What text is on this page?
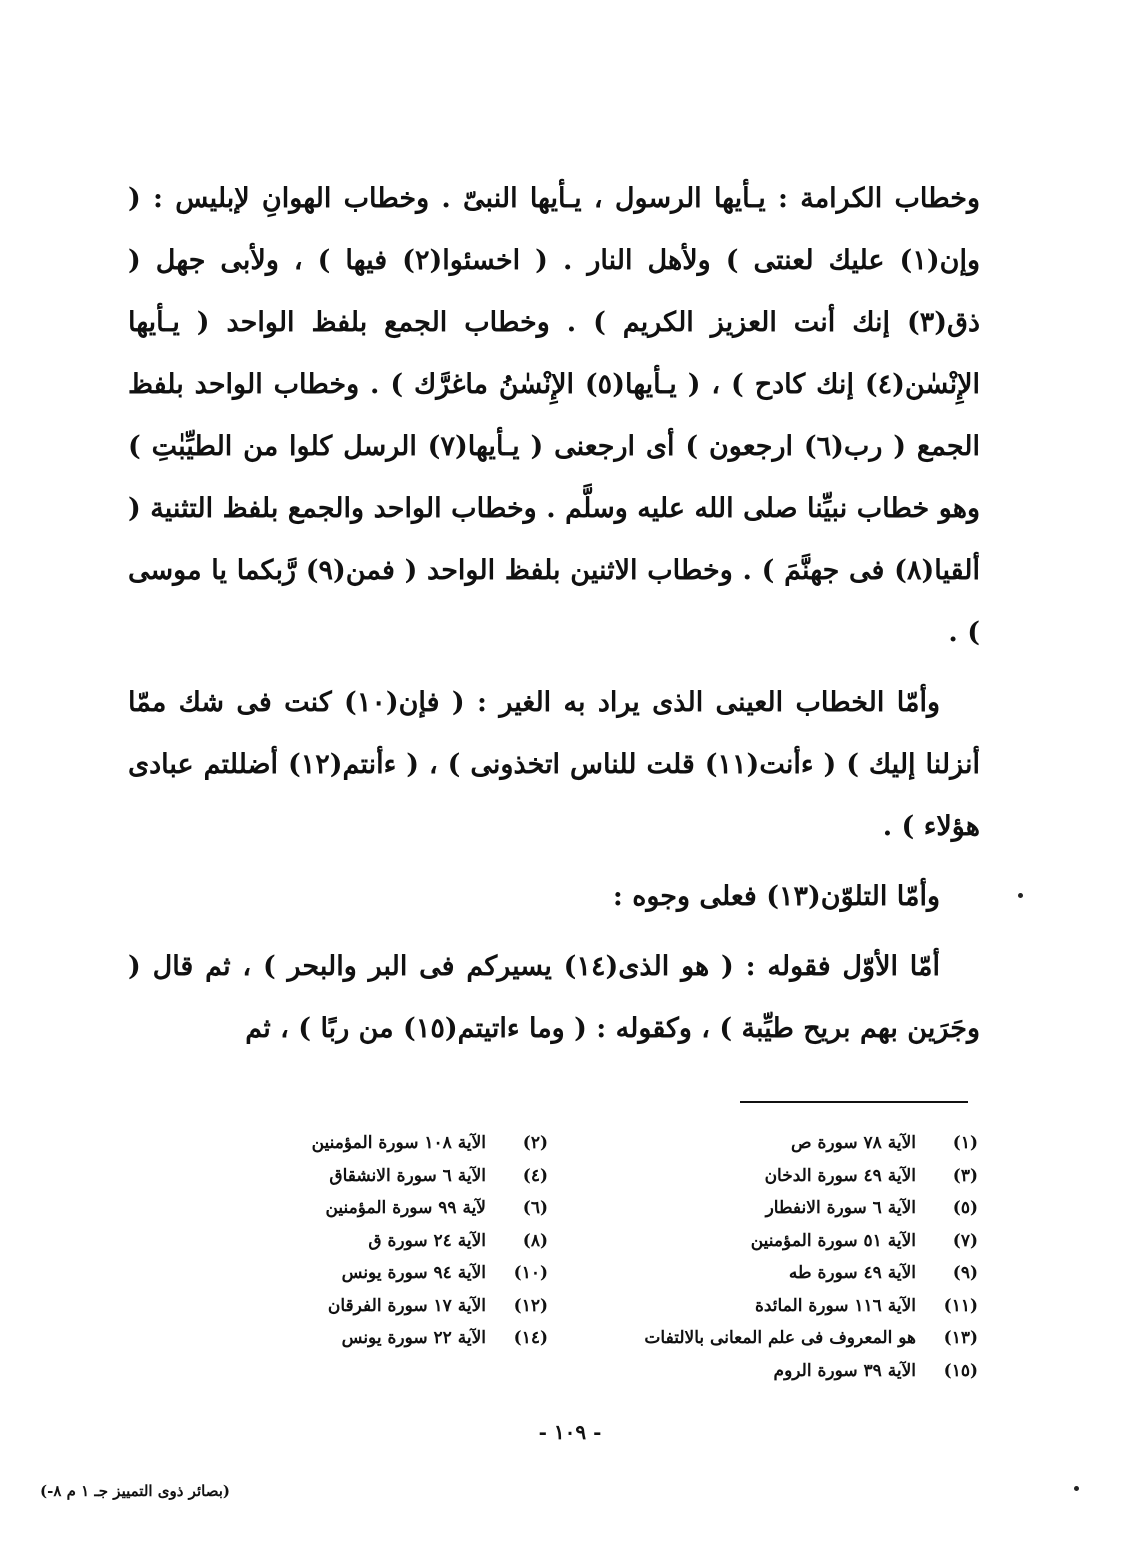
وخطاب الكرامة : يـأيها الرسول ، يـأيها النبىّ . وخطاب الهوانِ لإبليس : ( وإن(١) عليك لعنتى ) ولأهل النار . ( اخسئوا(٢) فيها ) ، ولأبى جهل ( ذق(٣) إنك أنت العزيز الكريم ) . وخطاب الجمع بلفظ الواحد ( يـأيها الإِنْسٰن(٤) إنك كادح ) ، ( يـأيها(٥) الإِنْسٰنُ ماغرَّك ) . وخطاب الواحد بلفظ الجمع ( رب(٦) ارجعون ) أى ارجعنى ( يـأيها(٧) الرسل كلوا من الطيِّبٰتِ ) وهو خطاب نبيِّنا صلى الله عليه وسلَّم . وخطاب الواحد والجمع بلفظ التثنية ( ألقيا(٨) فى جهنَّمَ ) . وخطاب الاثنين بلفظ الواحد ( فمن(٩) رَّبكما يا موسى ) .

وأمّا الخطاب العينى الذى يراد به الغير : ( فإن(١٠) كنت فى شك ممّا أنزلنا إليك ) ( ءأنت(١١) قلت للناس اتخذونى ) ، ( ءأنتم(١٢) أضللتم عبادى هؤلاء ) .

وأمّا التلوّن(١٣) فعلى وجوه :

أمّا الأوّل فقوله : ( هو الذى(١٤) يسيركم فى البر والبحر ) ، ثم قال ( وجَرَين بهم بريح طيِّبة ) ، وكقوله : ( وما ءاتيتم(١٥) من ربًا ) ، ثم

(١)
الآية ٧٨ سورة ص
(٣)
الآية ٤٩ سورة الدخان
(٥)
الآية ٦ سورة الانفطار
(٧)
الآية ٥١ سورة المؤمنين
(٩)
الآية ٤٩ سورة طه
(١١)
الآية ١١٦ سورة المائدة
(١٣)
هو المعروف فى علم المعانى بالالتفات
(١٥)
الآية ٣٩ سورة الروم
(٢)
الآية ١٠٨ سورة المؤمنين
(٤)
الآية ٦ سورة الانشقاق
(٦)
لآية ٩٩ سورة المؤمنين
(٨)
الآية ٢٤ سورة ق
(١٠)
الآية ٩٤ سورة يونس
(١٢)
الآية ١٧ سورة الفرقان
(١٤)
الآية ٢٢ سورة يونس
- ١٠٩ -
(بصائر ذوى التمييز جـ ١ م ٨-)
